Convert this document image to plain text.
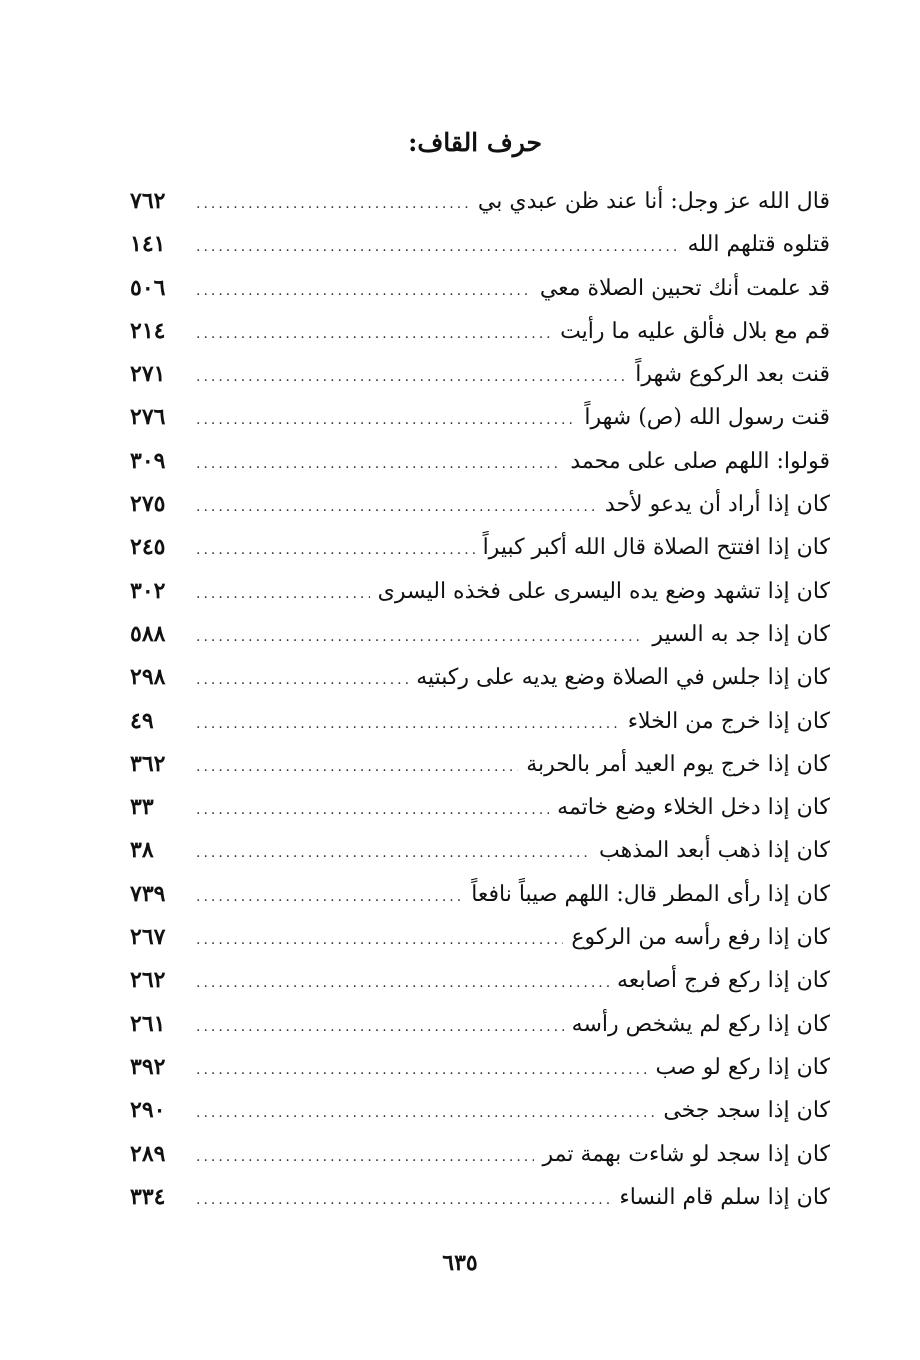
حرف القاف:
قال الله عز وجل: أنا عند ظن عبدي بي
.....
٧٦٢
قتلوه قتلهم الله
.....
١٤١
قد علمت أنك تحبين الصلاة معي
.....
٥٠٦
قم مع بلال فألق عليه ما رأيت
.....
٢١٤
قنت بعد الركوع شهراً
.....
٢٧١
قنت رسول الله (ص) شهراً
.....
٢٧٦
قولوا: اللهم صلى على محمد
.....
٣٠٩
كان إذا أراد أن يدعو لأحد
.....
٢٧٥
كان إذا افتتح الصلاة قال الله أكبر كبيراً
.....
٢٤٥
كان إذا تشهد وضع يده اليسرى على فخذه اليسرى
.....
٣٠٢
كان إذا جد به السير
.....
٥٨٨
كان إذا جلس في الصلاة وضع يديه على ركبتيه
.....
٢٩٨
كان إذا خرج من الخلاء
.....
٤٩
كان إذا خرج يوم العيد أمر بالحربة
.....
٣٦٢
كان إذا دخل الخلاء وضع خاتمه
.....
٣٣
كان إذا ذهب أبعد المذهب
.....
٣٨
كان إذا رأى المطر قال: اللهم صيباً نافعاً
.....
٧٣٩
كان إذا رفع رأسه من الركوع
.....
٢٦٧
كان إذا ركع فرج أصابعه
.....
٢٦٢
كان إذا ركع لم يشخص رأسه
.....
٢٦١
كان إذا ركع لو صب
.....
٣٩٢
كان إذا سجد جخى
.....
٢٩٠
كان إذا سجد لو شاءت بهمة تمر
.....
٢٨٩
كان إذا سلم قام النساء
.....
٣٣٤
٦٣٥
